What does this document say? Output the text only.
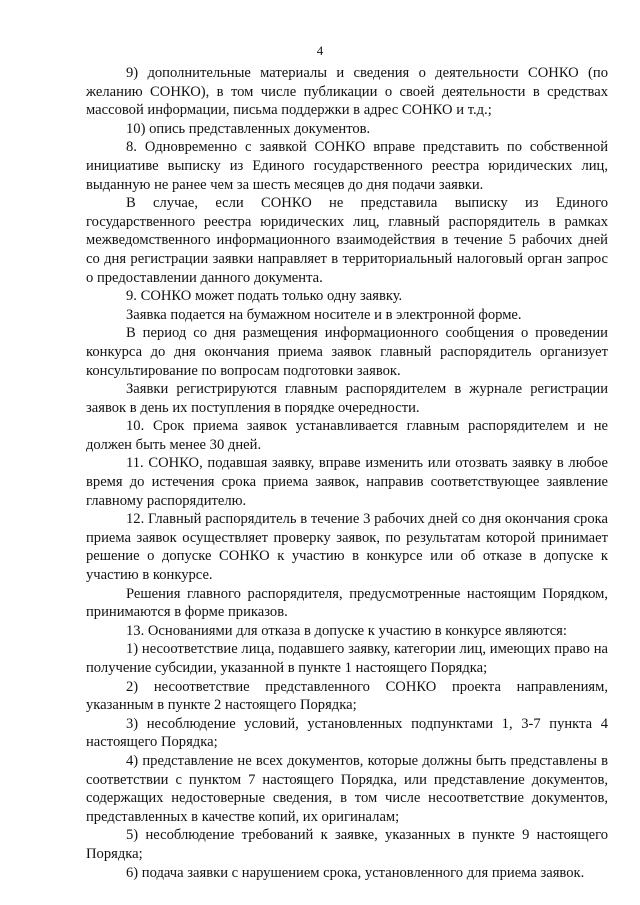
4

9) дополнительные материалы и сведения о деятельности СОНКО (по желанию СОНКО), в том числе публикации о своей деятельности в средствах массовой информации, письма поддержки в адрес СОНКО и т.д.;

10) опись представленных документов.

8. Одновременно с заявкой СОНКО вправе представить по собственной инициативе выписку из Единого государственного реестра юридических лиц, выданную не ранее чем за шесть месяцев до дня подачи заявки.

В случае, если СОНКО не представила выписку из Единого государственного реестра юридических лиц, главный распорядитель в рамках межведомственного информационного взаимодействия в течение 5 рабочих дней со дня регистрации заявки направляет в территориальный налоговый орган запрос о предоставлении данного документа.

9. СОНКО может подать только одну заявку.

Заявка подается на бумажном носителе и в электронной форме.

В период со дня размещения информационного сообщения о проведении конкурса до дня окончания приема заявок главный распорядитель организует консультирование по вопросам подготовки заявок.

Заявки регистрируются главным распорядителем в журнале регистрации заявок в день их поступления в порядке очередности.

10. Срок приема заявок устанавливается главным распорядителем и не должен быть менее 30 дней.

11. СОНКО, подавшая заявку, вправе изменить или отозвать заявку в любое время до истечения срока приема заявок, направив соответствующее заявление главному распорядителю.

12. Главный распорядитель в течение 3 рабочих дней со дня окончания срока приема заявок осуществляет проверку заявок, по результатам которой принимает решение о допуске СОНКО к участию в конкурсе или об отказе в допуске к участию в конкурсе.

Решения главного распорядителя, предусмотренные настоящим Порядком, принимаются в форме приказов.

13. Основаниями для отказа в допуске к участию в конкурсе являются:

1) несоответствие лица, подавшего заявку, категории лиц, имеющих право на получение субсидии, указанной в пункте 1 настоящего Порядка;

2) несоответствие представленного СОНКО проекта направлениям, указанным в пункте 2 настоящего Порядка;

3) несоблюдение условий, установленных подпунктами 1, 3-7 пункта 4 настоящего Порядка;

4) представление не всех документов, которые должны быть представлены в соответствии с пунктом 7 настоящего Порядка, или представление документов, содержащих недостоверные сведения, в том числе несоответствие документов, представленных в качестве копий, их оригиналам;

5) несоблюдение требований к заявке, указанных в пункте 9 настоящего Порядка;

6) подача заявки с нарушением срока, установленного для приема заявок.
